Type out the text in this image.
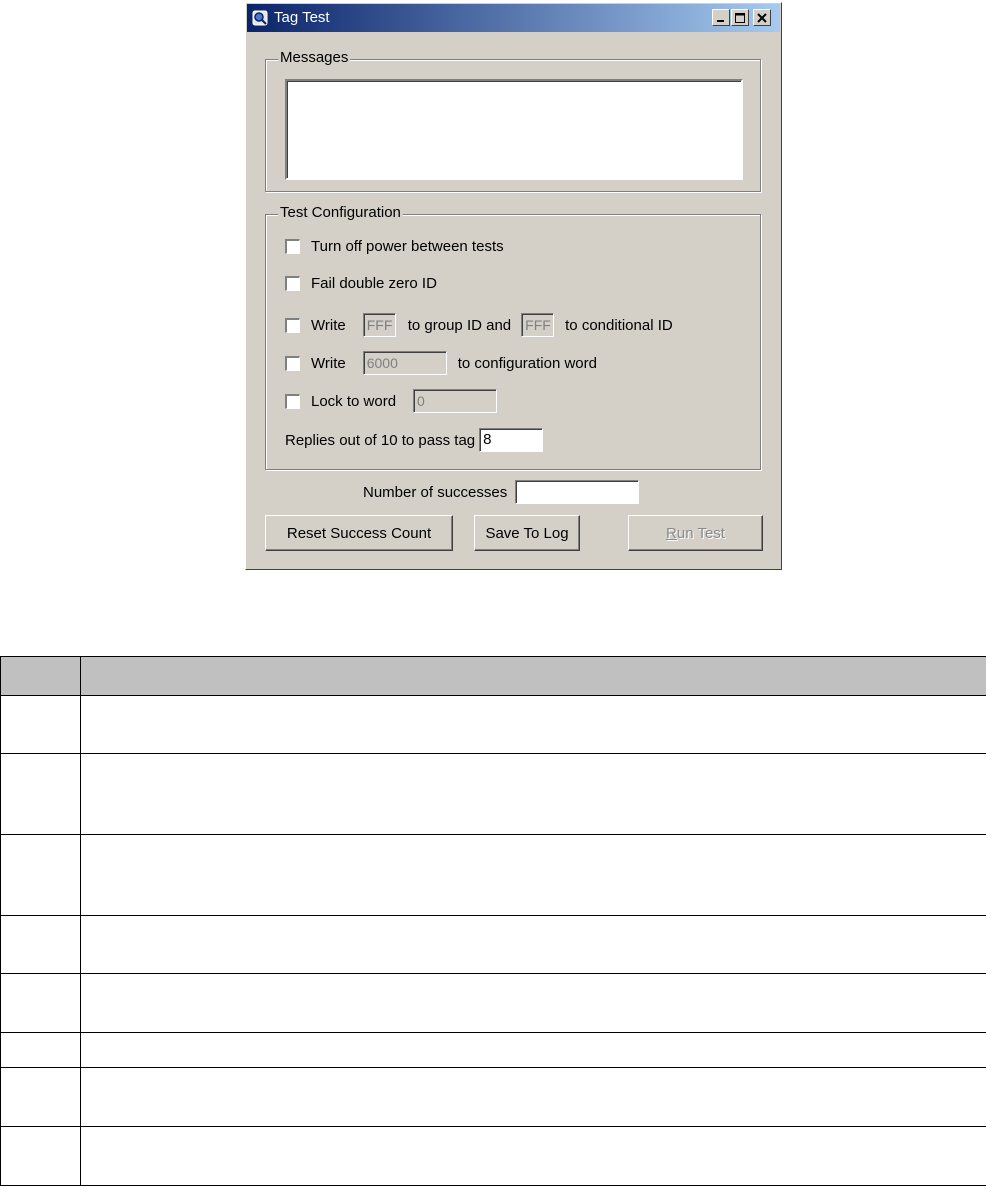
Tag Test
Messages
Test Configuration
Turn off power between tests
Fail double zero ID
Write FFF to group ID and FFF to conditional ID
Write 6000	to configuration word
Lock to word 0
Replies out of 10 to pass tag 8
Number of successes
Reset Success Count	Save To Log	R un Test
